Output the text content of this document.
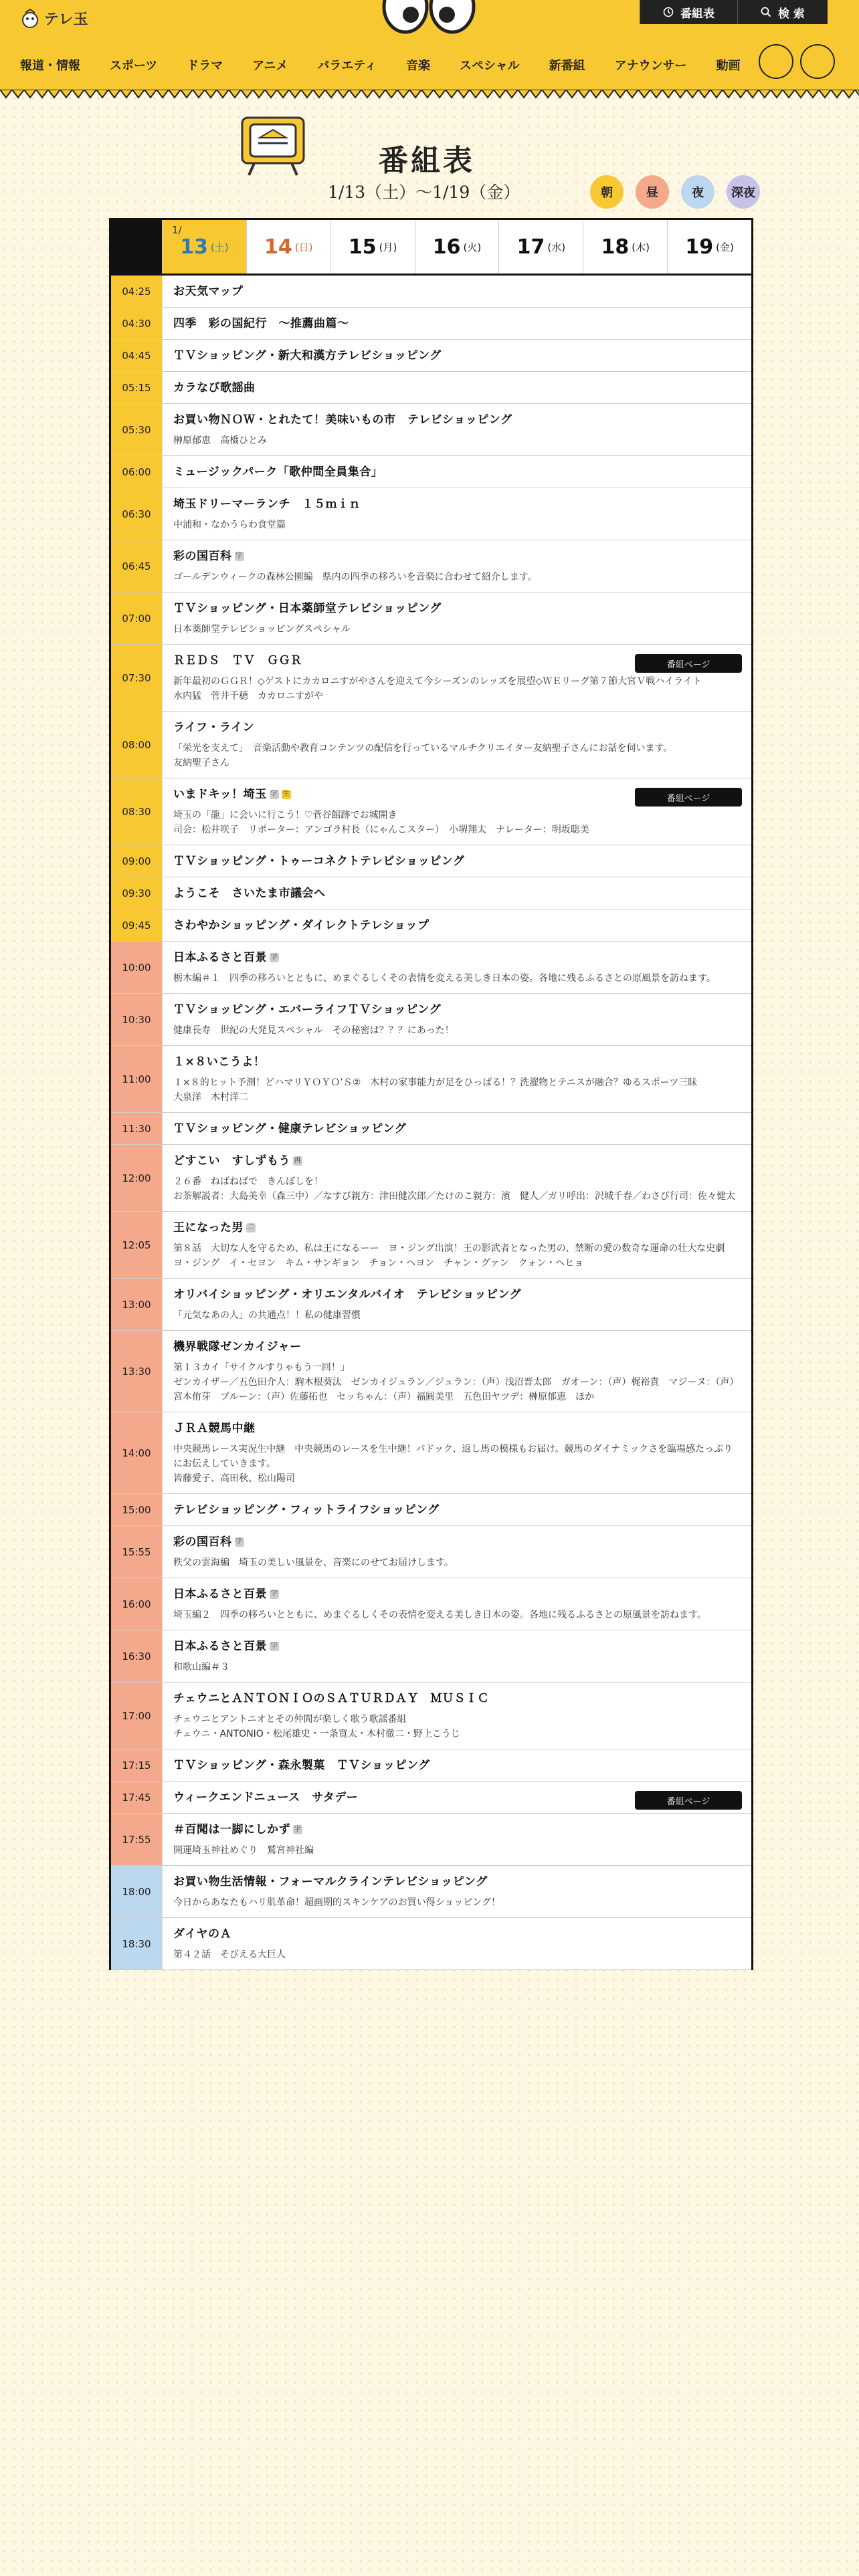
テレ玉	番組表	検 索
報道・情報 スポーツ ドラマ アニメ バラエティ 音楽 スペシャル 新番組 アナウンサー 動画
番組表
1/13（土）～1/19（金）	朝	昼	夜	深夜
1/
13 (土) 14 (日) 15 (月) 16 (火) 17 (水) 18 (木) 19 (金)
04:25	お天気マップ
04:30	四季　彩の国紀行　～推薦曲篇～
04:45	ＴＶショッピング・新大和漢方テレビショッピング
05:15	カラなび歌謡曲
05:30
お買い物ＮＯＷ・とれたて！美味いもの市　テレビショッピング
榊原郁恵　高橋ひとみ
06:00	ミュージックパーク「歌仲間全員集合」
06:30
埼玉ドリーマーランチ　１５ｍｉｎ
中浦和・なかうらわ食堂篇
06:45
彩の国百科 字
ゴールデンウィークの森林公園編　県内の四季の移ろいを音楽に合わせて紹介します。
07:00
ＴＶショッピング・日本薬師堂テレビショッピング
日本薬師堂テレビショッピングスペシャル
07:30
ＲＥＤＳ　ＴＶ　ＧＧＲ
新年最初のＧＧＲ！◇ゲストにカカロニすがやさんを迎えて今シーズンのレッズを展望◇ＷＥリーグ第７節大宮Ｖ戦ハイライト
水内猛　菅井千穂　カカロニすがや
番組ページ
08:00
ライフ・ライン
「栄光を支えて」　音楽活動や教育コンテンツの配信を行っているマルチクリエイター友納聖子さんにお話を伺います。
友納聖子さん
08:30
いまドキッ！埼玉 字 生
埼玉の「龍」に会いに行こう！♡菅谷館跡でお城開き
司会：松井咲子　リポーター：アンゴラ村長（にゃんこスター）　小堺翔太　ナレーター：明坂聡美
番組ページ
09:00	ＴＶショッピング・トゥーコネクトテレビショッピング
09:30	ようこそ　さいたま市議会へ
09:45	さわやかショッピング・ダイレクトテレショップ
10:00
日本ふるさと百景 字
栃木編＃１　四季の移ろいとともに、めまぐるしくその表情を変える美しき日本の姿。各地に残るふるさとの原風景を訪ねます。
10:30
ＴＶショッピング・エバーライフＴＶショッピング
健康長寿　世紀の大発見スペシャル　その秘密は？？？にあった！
11:00
１×８いこうよ！
１×８的ヒット予測！どハマリＹＯＹＯ’Ｓ②　木村の家事能力が足をひっぱる！？洗濯物とテニスが融合？ゆるスポーツ三昧
大泉洋　木村洋二
11:30	ＴＶショッピング・健康テレビショッピング
12:00
どすこい　すしずもう 再
２６番　ねばねばで　きんぼしを！
お茶解説者：大島美幸（森三中）／なすび親方：津田健次郎／たけのこ親方：濱　健人／ガリ呼出：沢城千春／わさび行司：佐々健太
12:05
王になった男 二
第８話　大切な人を守るため、私は王になるーー　ヨ・ジング出演！王の影武者となった男の、禁断の愛の数奇な運命の壮大な史劇
ヨ・ジング　イ・セヨン　キム・サンギョン　チョン・ヘヨン　チャン・グァン　クォン・ヘヒョ
13:00
オリバイショッピング・オリエンタルバイオ　テレビショッピング
「元気なあの人」の共通点！！私の健康習慣
13:30
機界戦隊ゼンカイジャー
第１３カイ「サイクルすりゃもう一回！」
ゼンカイザー／五色田介人：駒木根葵汰　ゼンカイジュラン／ジュラン：（声）浅沼晋太郎　ガオーン：（声）梶裕貴　マジーヌ：（声）宮本侑芽　ブルーン：（声）佐藤拓也　セッちゃん：（声）福圓美里　五色田ヤツデ：榊原郁恵　ほか
14:00
ＪＲＡ競馬中継
中央競馬レース実況生中継　中央競馬のレースを生中継！パドック、返し馬の模様もお届け。競馬のダイナミックさを臨場感たっぷりにお伝えしていきます。
皆藤愛子、高田秋、松山陽司
15:00	テレビショッピング・フィットライフショッピング
15:55
彩の国百科 字
秩父の雲海編　埼玉の美しい風景を、音楽にのせてお届けします。
16:00
日本ふるさと百景 字
埼玉編２　四季の移ろいとともに、めまぐるしくその表情を変える美しき日本の姿。各地に残るふるさとの原風景を訪ねます。
16:30
日本ふるさと百景 字
和歌山編＃３
17:00
チェウニとＡＮＴＯＮＩＯのＳＡＴＵＲＤＡＹ　ＭＵＳＩＣ
チェウニとアントニオとその仲間が楽しく歌う歌謡番組
チェウニ・ANTONIO・松尾雄史・一条寛太・木村徹二・野上こうじ
17:15	ＴＶショッピング・森永製菓　ＴＶショッピング
17:45	ウィークエンドニュース　サタデー	番組ページ
17:55
＃百聞は一脚にしかず 字
開運埼玉神社めぐり　鷲宮神社編
18:00
お買い物生活情報・フォーマルクラインテレビショッピング
今日からあなたもハリ肌革命！超画期的スキンケアのお買い得ショッピング！
18:30
ダイヤのＡ
第４２話　そびえる大巨人
